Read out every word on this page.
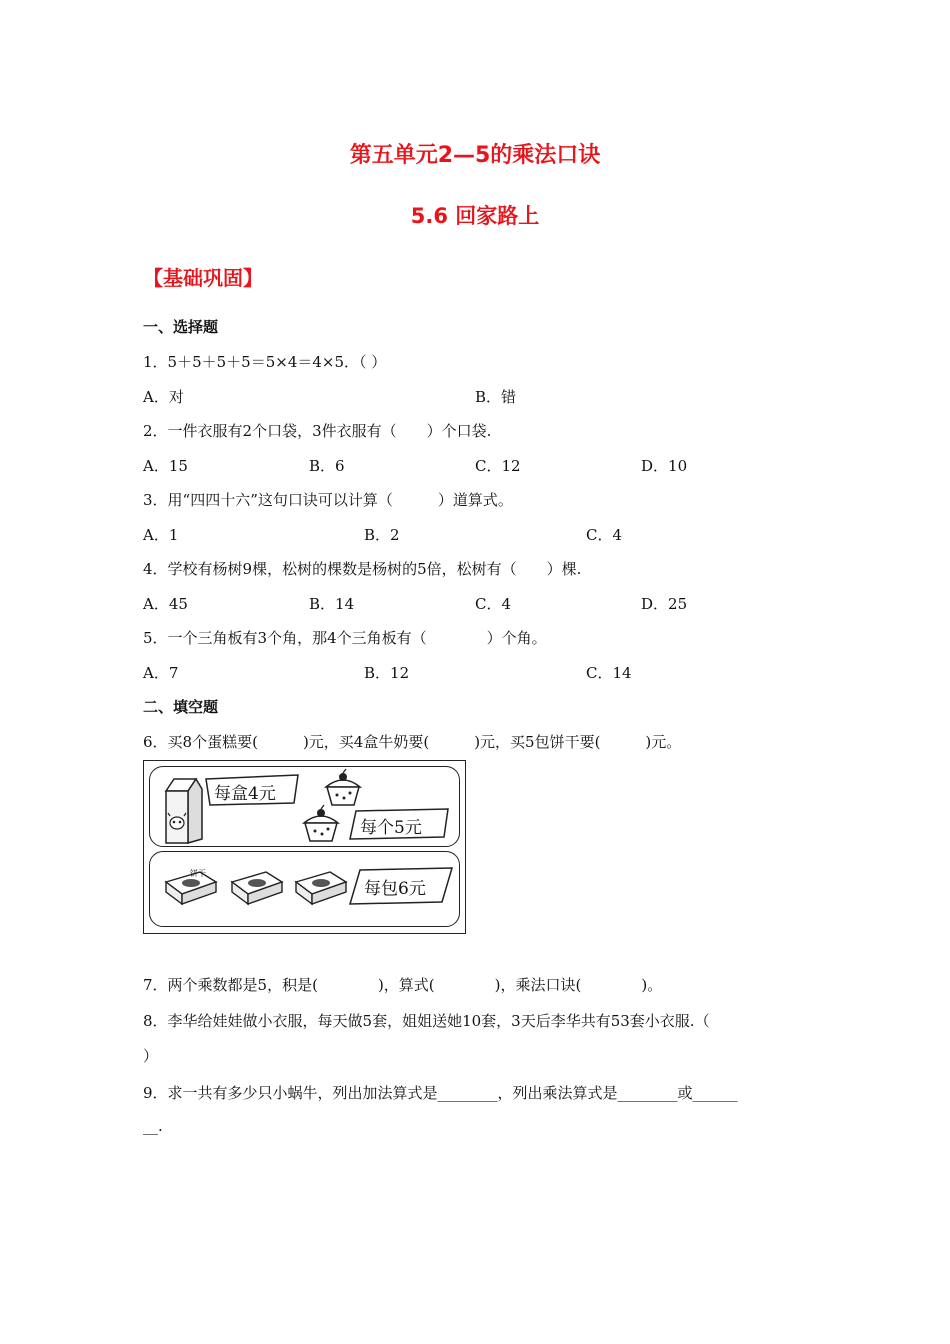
第五单元2—5的乘法口诀
5.6 回家路上
【基础巩固】
一、选择题
1．5＋5＋5＋5＝5×4＝4×5．（ ）
A．对	B．错
2．一件衣服有2个口袋，3件衣服有（　　）个口袋.
A．15	B．6	C．12	D．10
3．用“四四十六”这句口诀可以计算（　　　）道算式。
A．1	B．2	C．4
4．学校有杨树9棵，松树的棵数是杨树的5倍，松树有（　　）棵.
A．45	B．14	C．4	D．25
5．一个三角板有3个角，那4个三角板有（　　　　）个角。
A．7	B．12	C．14
二、填空题
6．买8个蛋糕要(　　　)元，买4盒牛奶要(　　　)元，买5包饼干要(　　　)元。
每盒4元
每个5元
饼干
每包6元
7．两个乘数都是5，积是(　　　　)，算式(　　　　)，乘法口诀(　　　　)。
8．李华给娃娃做小衣服，每天做5套，姐姐送她10套，3天后李华共有53套小衣服.（
）
9．求一共有多少只小蜗牛，列出加法算式是________，列出乘法算式是________或______
__.
